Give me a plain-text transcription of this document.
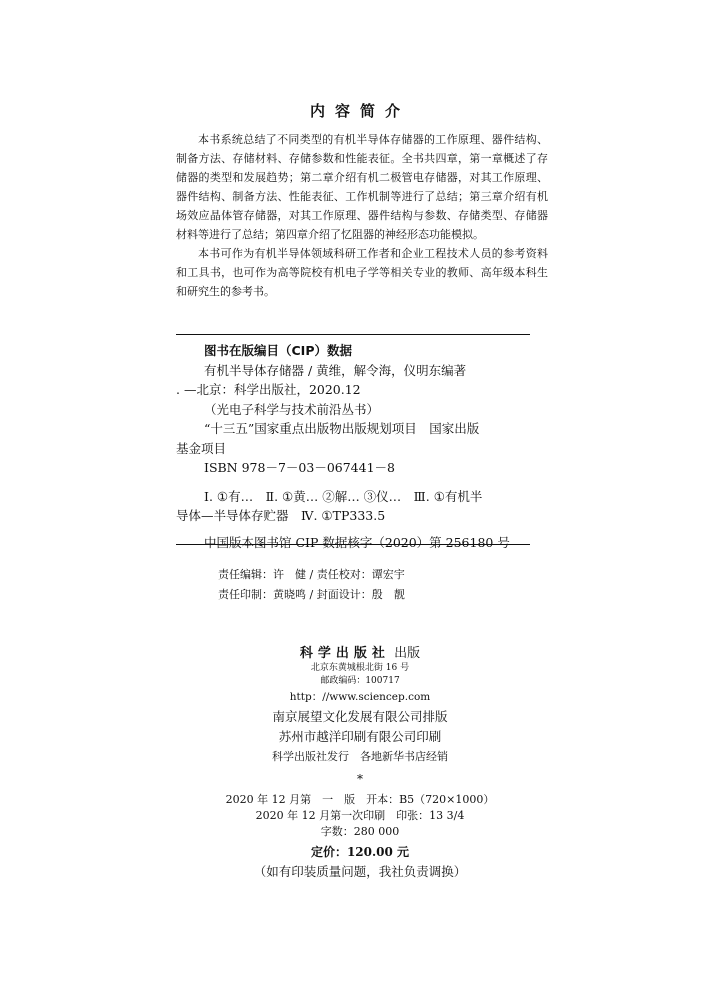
内容简介

本书系统总结了不同类型的有机半导体存储器的工作原理、器件结构、制备方法、存储材料、存储参数和性能表征。全书共四章，第一章概述了存储器的类型和发展趋势；第二章介绍有机二极管电存储器，对其工作原理、器件结构、制备方法、性能表征、工作机制等进行了总结；第三章介绍有机场效应晶体管存储器，对其工作原理、器件结构与参数、存储类型、存储器材料等进行了总结；第四章介绍了忆阻器的神经形态功能模拟。

本书可作为有机半导体领域科研工作者和企业工程技术人员的参考资料和工具书，也可作为高等院校有机电子学等相关专业的教师、高年级本科生和研究生的参考书。

图书在版编目（CIP）数据
有机半导体存储器 / 黄维，解令海，仪明东编著
. —北京：科学出版社，2020.12
（光电子科学与技术前沿丛书）
“十三五”国家重点出版物出版规划项目　国家出版
基金项目
ISBN 978－7－03－067441－8
Ⅰ. ①有…　Ⅱ. ①黄… ②解… ③仪…　Ⅲ. ①有机半
导体—半导体存贮器　Ⅳ. ①TP333.5
中国版本图书馆 CIP 数据核字（2020）第 256180 号
责任编辑：许　健 / 责任校对：谭宏宇
责任印制：黄晓鸣 / 封面设计：殷　靓
科学出版社 出版
北京东黄城根北街 16 号
邮政编码：100717
http：//www.sciencep.com
南京展望文化发展有限公司排版
苏州市越洋印刷有限公司印刷
科学出版社发行　各地新华书店经销
*
2020 年 12 月第　一　版　开本：B5（720×1000）
2020 年 12 月第一次印刷　印张：13 3/4
字数：280 000
定价：120.00 元
（如有印装质量问题，我社负责调换）
